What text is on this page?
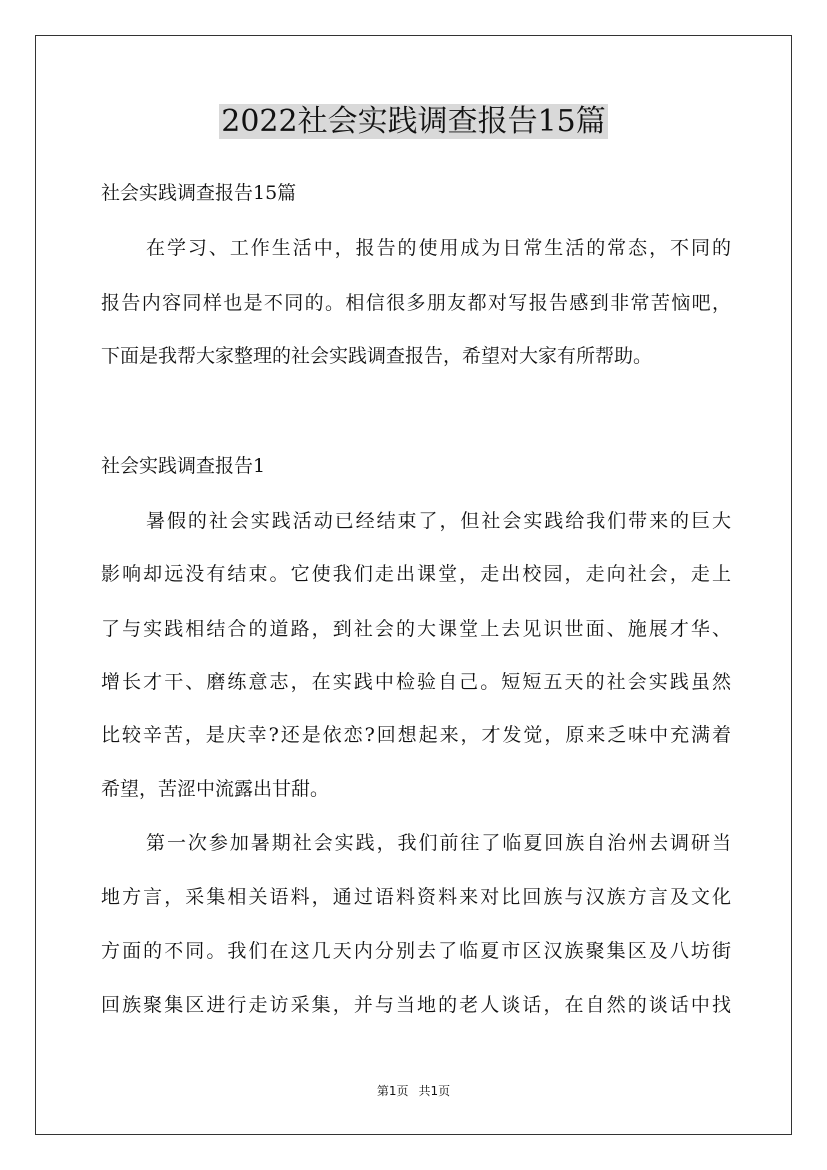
2022社会实践调查报告15篇
社会实践调查报告15篇
在学习、工作生活中，报告的使用成为日常生活的常态，不同的
报告内容同样也是不同的。相信很多朋友都对写报告感到非常苦恼吧，
下面是我帮大家整理的社会实践调查报告，希望对大家有所帮助。
社会实践调查报告1
暑假的社会实践活动已经结束了，但社会实践给我们带来的巨大
影响却远没有结束。它使我们走出课堂，走出校园，走向社会，走上
了与实践相结合的道路，到社会的大课堂上去见识世面、施展才华、
增长才干、磨练意志，在实践中检验自己。短短五天的社会实践虽然
比较辛苦，是庆幸?还是依恋?回想起来，才发觉，原来乏味中充满着
希望，苦涩中流露出甘甜。
第一次参加暑期社会实践，我们前往了临夏回族自治州去调研当
地方言，采集相关语料，通过语料资料来对比回族与汉族方言及文化
方面的不同。我们在这几天内分别去了临夏市区汉族聚集区及八坊街
回族聚集区进行走访采集，并与当地的老人谈话，在自然的谈话中找
第1页 共1页
